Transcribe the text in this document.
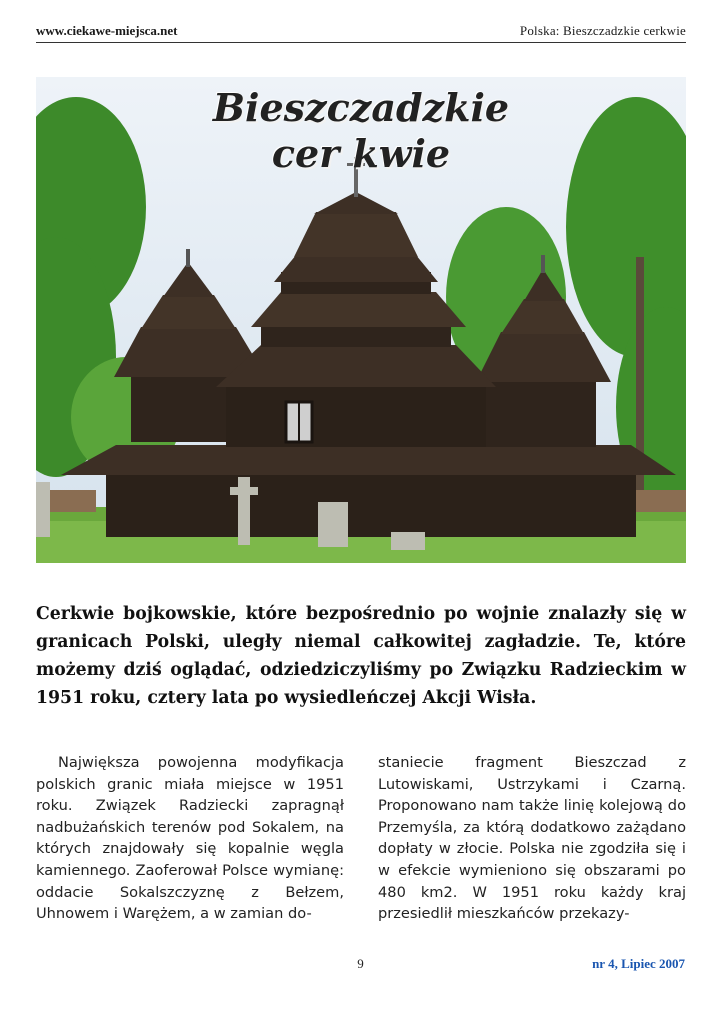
www.ciekawe-miejsca.net	Polska: Bieszczadzkie cerkwie
Bieszczadzkie
cer kwie
Cerkwie bojkowskie, które bezpośrednio po wojnie znalazły się w granicach Polski, uległy niemal całkowitej zagładzie. Te, które możemy dziś oglądać, odziedziczyliśmy po Związku Radzieckim w 1951 roku, cztery lata po wysiedleńczej Akcji Wisła.

Największa powojenna modyfikacja polskich granic miała miejsce w 1951 roku. Związek Radziecki zapragnął nadbużańskich terenów pod Sokalem, na których znajdowały się kopalnie węgla kamiennego. Zaoferował Polsce wymianę: oddacie Sokalszczyznę z Bełzem, Uhnowem i Warężem, a w zamian do-

staniecie fragment Bieszczad z Lutowiskami, Ustrzykami i Czarną. Proponowano nam także linię kolejową do Przemyśla, za którą dodatkowo zażądano dopłaty w złocie. Polska nie zgodziła się i w efekcie wymieniono się obszarami po 480 km2. W 1951 roku każdy kraj przesiedlił mieszkańców przekazy-

9	nr 4, Lipiec 2007
